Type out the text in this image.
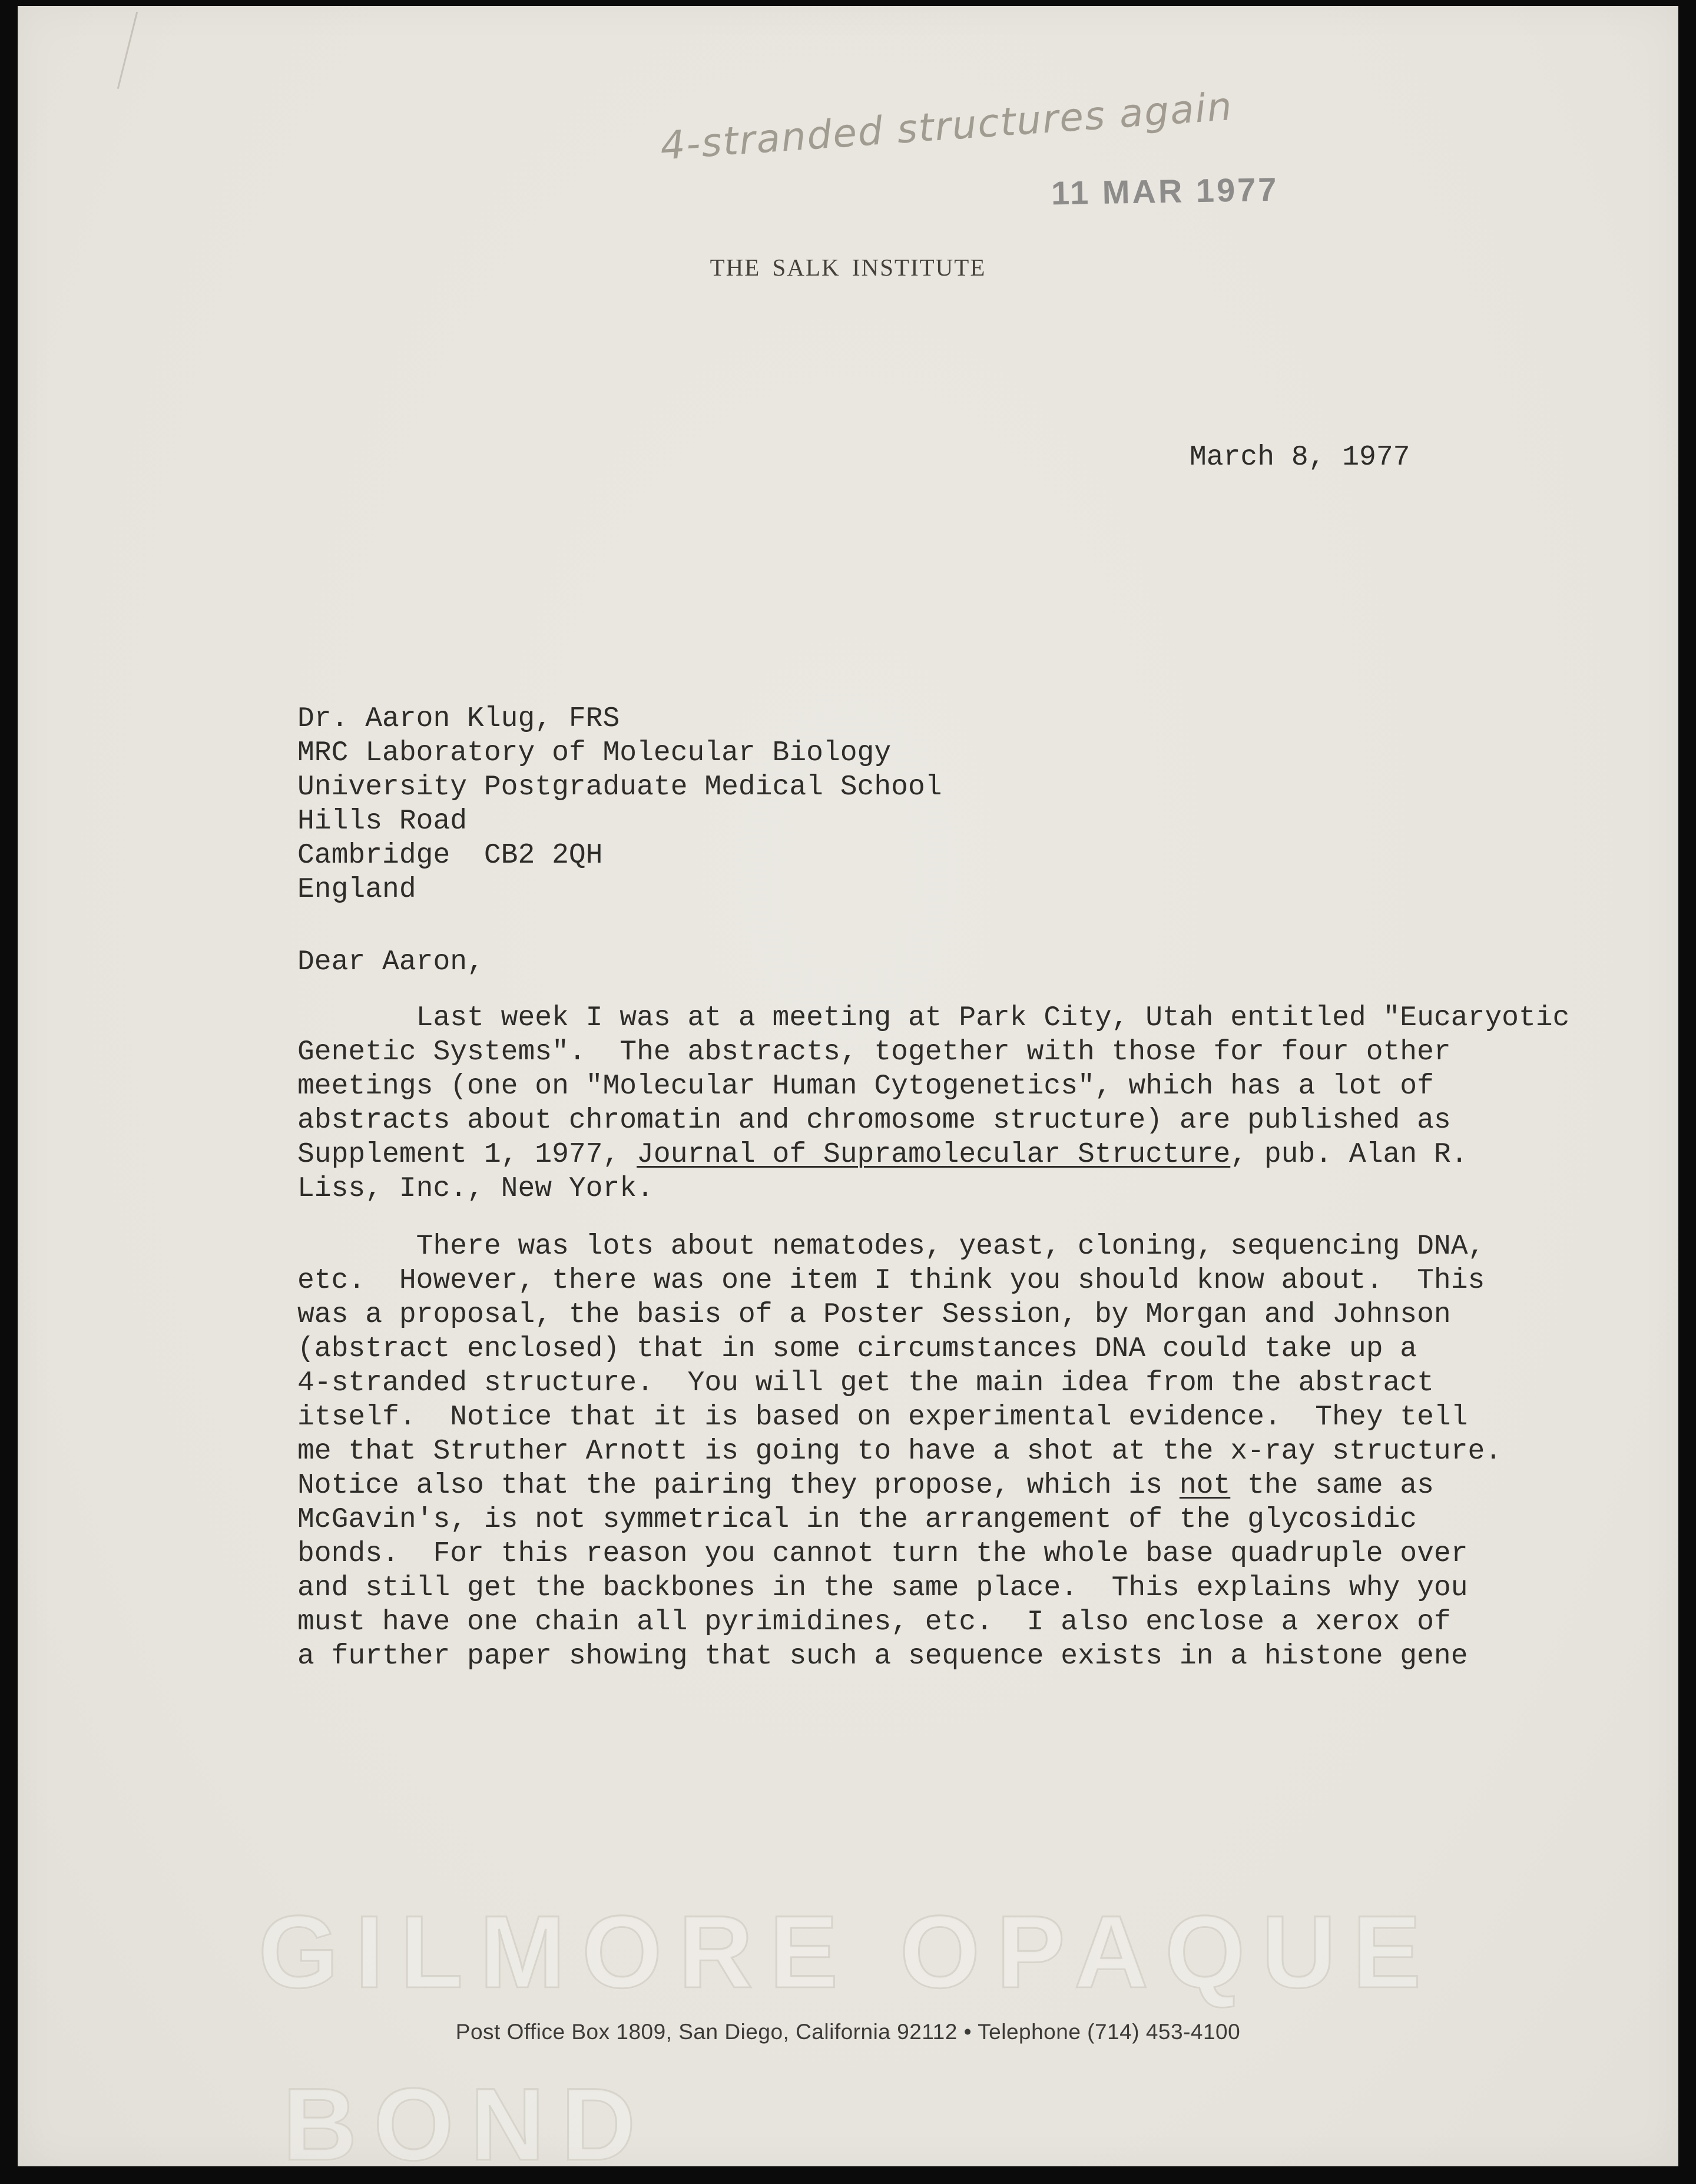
4-stranded structures again
11 MAR 1977
THE SALK INSTITUTE
March 8, 1977
Dr. Aaron Klug, FRS
MRC Laboratory of Molecular Biology
University Postgraduate Medical School
Hills Road
Cambridge  CB2 2QH
England
Dear Aaron,
Last week I was at a meeting at Park City, Utah entitled "Eucaryotic
Genetic Systems".  The abstracts, together with those for four other
meetings (one on "Molecular Human Cytogenetics", which has a lot of
abstracts about chromatin and chromosome structure) are published as
Supplement 1, 1977, Journal of Supramolecular Structure, pub. Alan R.
Liss, Inc., New York.
There was lots about nematodes, yeast, cloning, sequencing DNA,
etc.  However, there was one item I think you should know about.  This
was a proposal, the basis of a Poster Session, by Morgan and Johnson
(abstract enclosed) that in some circumstances DNA could take up a
4-stranded structure.  You will get the main idea from the abstract
itself.  Notice that it is based on experimental evidence.  They tell
me that Struther Arnott is going to have a shot at the x-ray structure.
Notice also that the pairing they propose, which is not the same as
McGavin's, is not symmetrical in the arrangement of the glycosidic
bonds.  For this reason you cannot turn the whole base quadruple over
and still get the backbones in the same place.  This explains why you
must have one chain all pyrimidines, etc.  I also enclose a xerox of
a further paper showing that such a sequence exists in a histone gene
GILMORE OPAQUE
Post Office Box 1809, San Diego, California 92112 • Telephone (714) 453-4100
BOND
